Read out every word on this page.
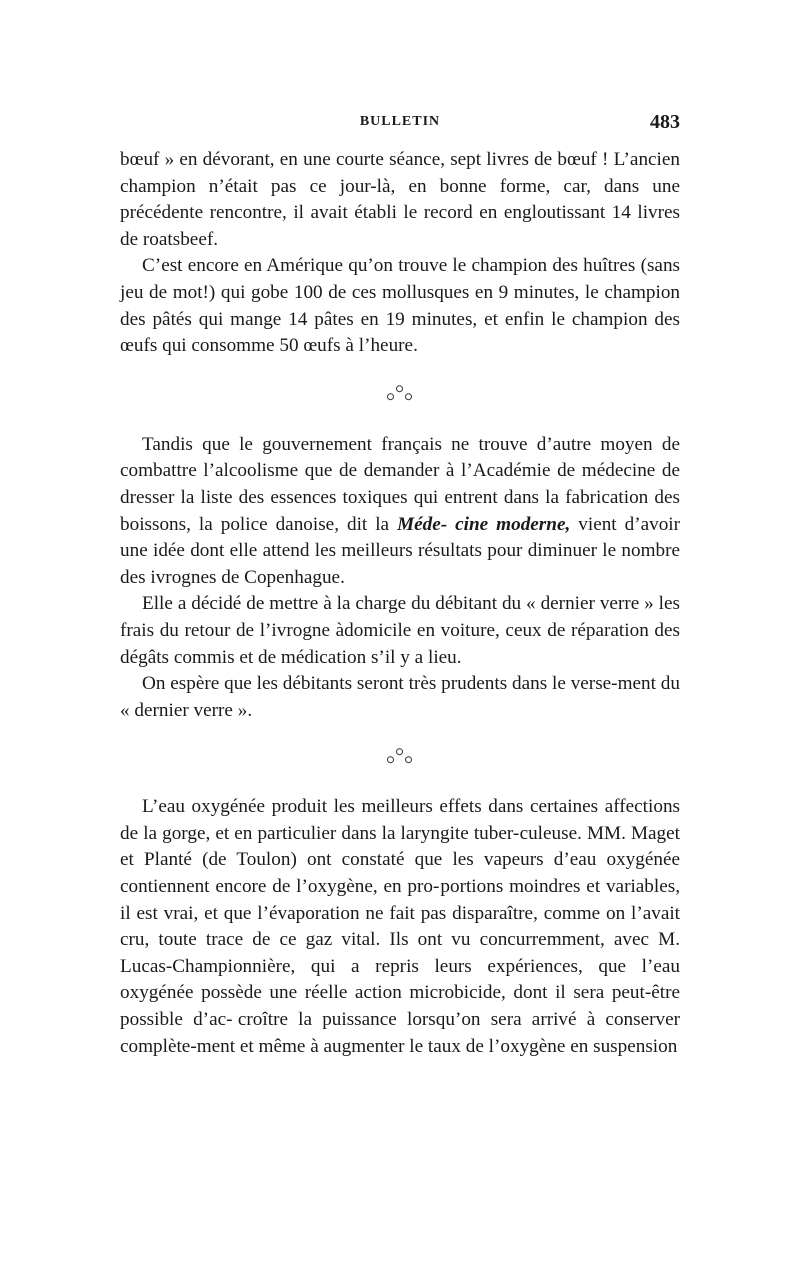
BULLETIN	483

bœuf » en dévorant, en une courte séance, sept livres de bœuf ! L’ancien champion n’était pas ce jour-là, en bonne forme, car, dans une précédente rencontre, il avait établi le record en engloutissant 14 livres de roatsbeef.

C’est encore en Amérique qu’on trouve le champion des huîtres (sans jeu de mot!) qui gobe 100 de ces mollusques en 9 minutes, le champion des pâtés qui mange 14 pâtes en 19 minutes, et enfin le champion des œufs qui consomme 50 œufs à l’heure.

Tandis que le gouvernement français ne trouve d’autre moyen de combattre l’alcoolisme que de demander à l’Académie de médecine de dresser la liste des essences toxiques qui entrent dans la fabrication des boissons, la police danoise, dit la Méde- cine moderne, vient d’avoir une idée dont elle attend les meilleurs résultats pour diminuer le nombre des ivrognes de Copenhague.

Elle a décidé de mettre à la charge du débitant du « dernier verre » les frais du retour de l’ivrogne àdomicile en voiture, ceux de réparation des dégâts commis et de médication s’il y a lieu.

On espère que les débitants seront très prudents dans le verse- ment du « dernier verre ».

L’eau oxygénée produit les meilleurs effets dans certaines affections de la gorge, et en particulier dans la laryngite tuber- culeuse. MM. Maget et Planté (de Toulon) ont constaté que les vapeurs d’eau oxygénée contiennent encore de l’oxygène, en pro- portions moindres et variables, il est vrai, et que l’évaporation ne fait pas disparaître, comme on l’avait cru, toute trace de ce gaz vital. Ils ont vu concurremment, avec M. Lucas-Championnière, qui a repris leurs expériences, que l’eau oxygénée possède une réelle action microbicide, dont il sera peut-être possible d’ac- croître la puissance lorsqu’on sera arrivé à conserver complète- ment et même à augmenter le taux de l’oxygène en suspension
